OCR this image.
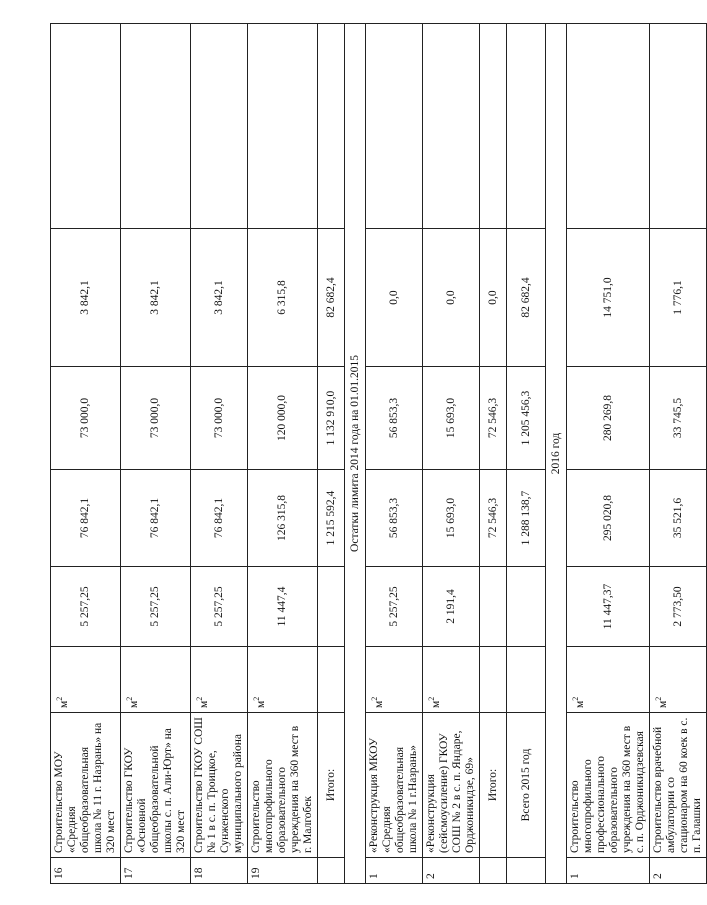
16	Строительство МОУ «Средняя общеобразовательная школа № 11 г. Назрань» на 320 мест	$м^2$	5 257,25	76 842,1	73 000,0	3 842,1	
17	Строительство ГКОУ «Основной общеобразовательной школы с. п. Али-Юрт» на 320 мест	$м^2$	5 257,25	76 842,1	73 000,0	3 842,1	
18	Строительство ГКОУ СОШ № 1 в с. п. Троицкое, Сунженского муниципального района	$м^2$	5 257,25	76 842,1	73 000,0	3 842,1	
19	Строительство многопрофильного образовательного учреждения на 360 мест в г. Малгобек	$м^2$	11 447,4	126 315,8	120 000,0	6 315,8	
	Итого:			1 215 592,4	1 132 910,0	82 682,4	
Остатки лимита 2014 года на 01.01.2015							
1	«Реконструкция МКОУ «Средняя общеобразовательная школа № 1 г.Назрань»	$м^2$	5 257,25	56 853,3	56 853,3	0,0	
2	«Реконструкция (сейсмоусиление) ГКОУ СОШ № 2 в с. п. Яндаре, Орджоникидзе, 69»	$м^2$	2 191,4	15 693,0	15 693,0	0,0	
	Итого:			72 546,3	72 546,3	0,0	
	Всего 2015 год			1 288 138,7	1 205 456,3	82 682,4	
2016 год							
1	Строительство многопрофильного профессионального образовательного учреждения на 360 мест в с. п. Орджоникидзевская	$м^2$	11 447,37	295 020,8	280 269,8	14 751,0	
2	Строительство врачебной амбулатории со стационаром на 60 коек в с. п. Галашки	$м^2$	2 773,50	35 521,6	33 745,5	1 776,1	
